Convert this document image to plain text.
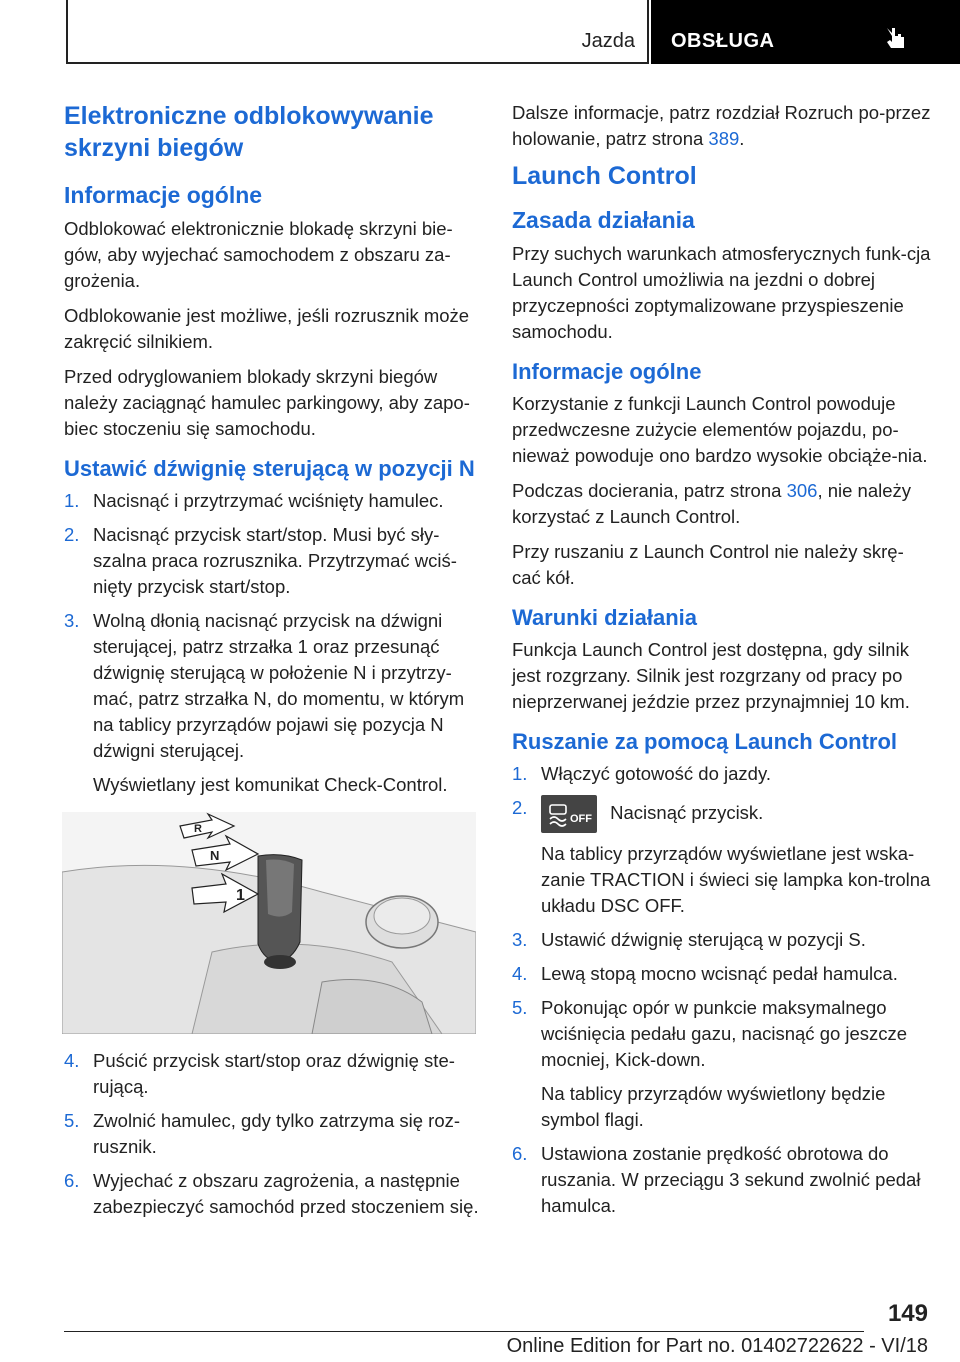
Jazda OBSŁUGA
Elektroniczne odblokowywanie skrzyni biegów
Informacje ogólne

Odblokować elektronicznie blokadę skrzyni bie-gów, aby wyjechać samochodem z obszaru za-grożenia.

Odblokowanie jest możliwe, jeśli rozrusznik może zakręcić silnikiem.

Przed odryglowaniem blokady skrzyni biegów należy zaciągnąć hamulec parkingowy, aby zapo-biec stoczeniu się samochodu.

Ustawić dźwignię sterującą w pozycji N
1. Nacisnąć i przytrzymać wciśnięty hamulec.
2. Nacisnąć przycisk start/stop. Musi być sły-szalna praca rozrusznika. Przytrzymać wciś-nięty przycisk start/stop.
3. Wolną dłonią nacisnąć przycisk na dźwigni sterującej, patrz strzałka 1 oraz przesunąć dźwignię sterującą w położenie N i przytrzy-mać, patrz strzałka N, do momentu, w którym na tablicy przyrządów pojawi się pozycja N dźwigni sterującej.
Wyświetlany jest komunikat Check-Control.
R
N
1
4. Puścić przycisk start/stop oraz dźwignię ste-rującą.
5. Zwolnić hamulec, gdy tylko zatrzyma się roz-rusznik.
6. Wyjechać z obszaru zagrożenia, a następnie zabezpieczyć samochód przed stoczeniem się.

Dalsze informacje, patrz rozdział Rozruch po-przez holowanie, patrz strona 389.

Launch Control
Zasada działania

Przy suchych warunkach atmosferycznych funk-cja Launch Control umożliwia na jezdni o dobrej przyczepności zoptymalizowane przyspieszenie samochodu.

Informacje ogólne

Korzystanie z funkcji Launch Control powoduje przedwczesne zużycie elementów pojazdu, po-nieważ powoduje ono bardzo wysokie obciąże-nia.

Podczas docierania, patrz strona 306, nie należy korzystać z Launch Control.

Przy ruszaniu z Launch Control nie należy skrę-cać kół.

Warunki działania

Funkcja Launch Control jest dostępna, gdy silnik jest rozgrzany. Silnik jest rozgrzany od pracy po nieprzerwanej jeździe przez przynajmniej 10 km.

Ruszanie za pomocą Launch Control
1. Włączyć gotowość do jazdy.
2.
OFF Nacisnąć przycisk.
Na tablicy przyrządów wyświetlane jest wska-zanie TRACTION i świeci się lampka kon-trolna układu DSC OFF.
3. Ustawić dźwignię sterującą w pozycji S.
4. Lewą stopą mocno wcisnąć pedał hamulca.
5. Pokonując opór w punkcie maksymalnego wciśnięcia pedału gazu, nacisnąć go jeszcze mocniej, Kick-down.
Na tablicy przyrządów wyświetlony będzie symbol flagi.
6. Ustawiona zostanie prędkość obrotowa do ruszania. W przeciągu 3 sekund zwolnić pedał hamulca.
149
Online Edition for Part no. 01402722622 - VI/18
